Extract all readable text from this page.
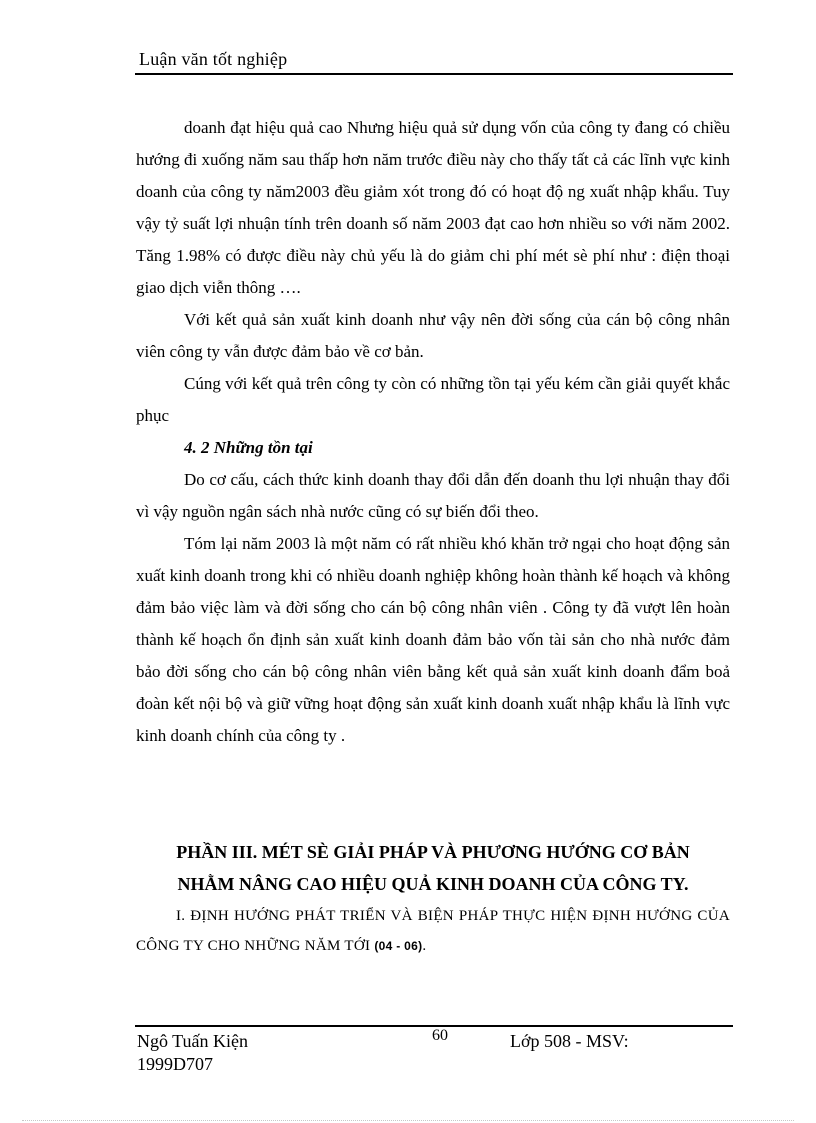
Luận văn tốt nghiệp

doanh đạt hiệu quả cao Nhưng hiệu quả sử dụng vốn của công ty đang có chiều hướng đi xuống năm sau thấp hơn năm trước điều này cho thấy tất cả các lĩnh vực kinh doanh của công ty năm2003 đều giảm xót trong đó có hoạt độ ng xuất nhập khẩu. Tuy vậy tỷ suất lợi nhuận tính trên doanh số năm 2003 đạt cao hơn nhiều so với năm 2002. Tăng 1.98% có được điều này chủ yếu là do giảm chi phí mét sè phí như : điện thoại giao dịch viễn thông ….

Với kết quả sản xuất kinh doanh như vậy nên đời sống của cán bộ công nhân viên công ty vẫn được đảm bảo về cơ bản.

Cúng với kết quả trên công ty còn có những tồn tại yếu kém cần giải quyết khắc phục

4. 2 Những tồn tại

Do cơ cấu, cách thức kinh doanh thay đổi dẫn đến doanh thu lợi nhuận thay đổi vì vậy nguồn ngân sách nhà nước cũng có sự biến đổi theo.

Tóm lại năm 2003 là một năm có rất nhiều khó khăn trở ngại cho hoạt động sản xuất kinh doanh trong khi có nhiều doanh nghiệp không hoàn thành kế hoạch và không đảm bảo việc làm và đời sống cho cán bộ công nhân viên . Công ty đã vượt lên hoàn thành kế hoạch ổn định sản xuất kinh doanh đảm bảo vốn tài sản cho nhà nước đảm bảo đời sống cho cán bộ công nhân viên bằng kết quả sản xuất kinh doanh đẩm boả đoàn kết nội bộ và giữ vững hoạt động sản xuất kinh doanh xuất nhập khẩu là lĩnh vực kinh doanh chính của công ty .

PHẦN III. MÉT SÈ GIẢI PHÁP VÀ PHƯƠNG HƯỚNG CƠ BẢN
NHẰM NÂNG CAO HIỆU QUẢ KINH DOANH CỦA CÔNG TY.

I. ĐỊNH HƯỚNG PHÁT TRIỂN VÀ BIỆN PHÁP THỰC HIỆN ĐỊNH HƯỚNG CỦA CÔNG TY CHO NHỮNG NĂM TỚI (04 - 06).

Ngô Tuấn Kiện
1999D707
60	Lớp 508 - MSV:
